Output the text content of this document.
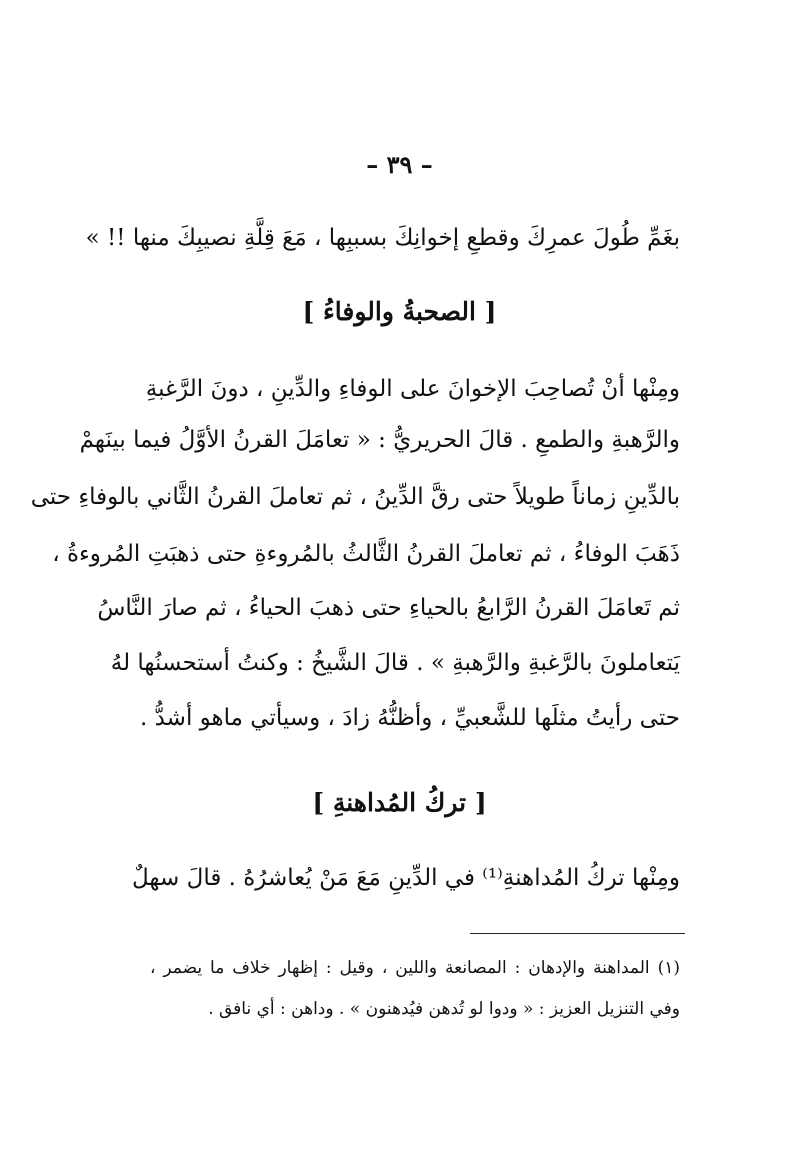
– ٣٩ –
بغَمِّ طُولَ عمرِكَ وقطعِ إخوانِكَ بسببِها ، مَعَ قِلَّةِ نصيبِكَ منها !! »
[ الصحبةُ والوفاءُ ]
ومِنْها أنْ تُصاحِبَ الإخوانَ على الوفاءِ والدِّينِ ، دونَ الرَّغبةِ
والرَّهبةِ والطمعِ . قالَ الحريريُّ : « تعامَلَ القرنُ الأوَّلُ فيما بينَهمْ
بالدِّينِ زماناً طويلاً حتى رقَّ الدِّينُ ، ثم تعاملَ القرنُ الثَّاني بالوفاءِ حتى
ذَهَبَ الوفاءُ ، ثم تعاملَ القرنُ الثَّالثُ بالمُروءةِ حتى ذهبَتِ المُروءةُ ،
ثم تَعامَلَ القرنُ الرَّابعُ بالحياءِ حتى ذهبَ الحياءُ ، ثم صارَ النَّاسُ
يَتعاملونَ بالرَّغبةِ والرَّهبةِ » . قالَ الشَّيخُ : وكنتُ أستحسنُها لهُ
حتى رأيتُ مثلَها للشَّعبيِّ ، وأظنُّهُ زادَ ، وسيأتي ماهو أشدُّ .
[ تركُ المُداهنةِ ]
ومِنْها تركُ المُداهنةِ⁽¹⁾ في الدِّينِ مَعَ مَنْ يُعاشرُهُ . قالَ سهلٌ
(١) المداهنة والإدهان : المصانعة واللين ، وقيل : إظهار خلاف ما يضمر ،
وفي التنزيل العزيز : « ودوا لو تُدهن فيُدهنون » . وداهن : أي نافق .
